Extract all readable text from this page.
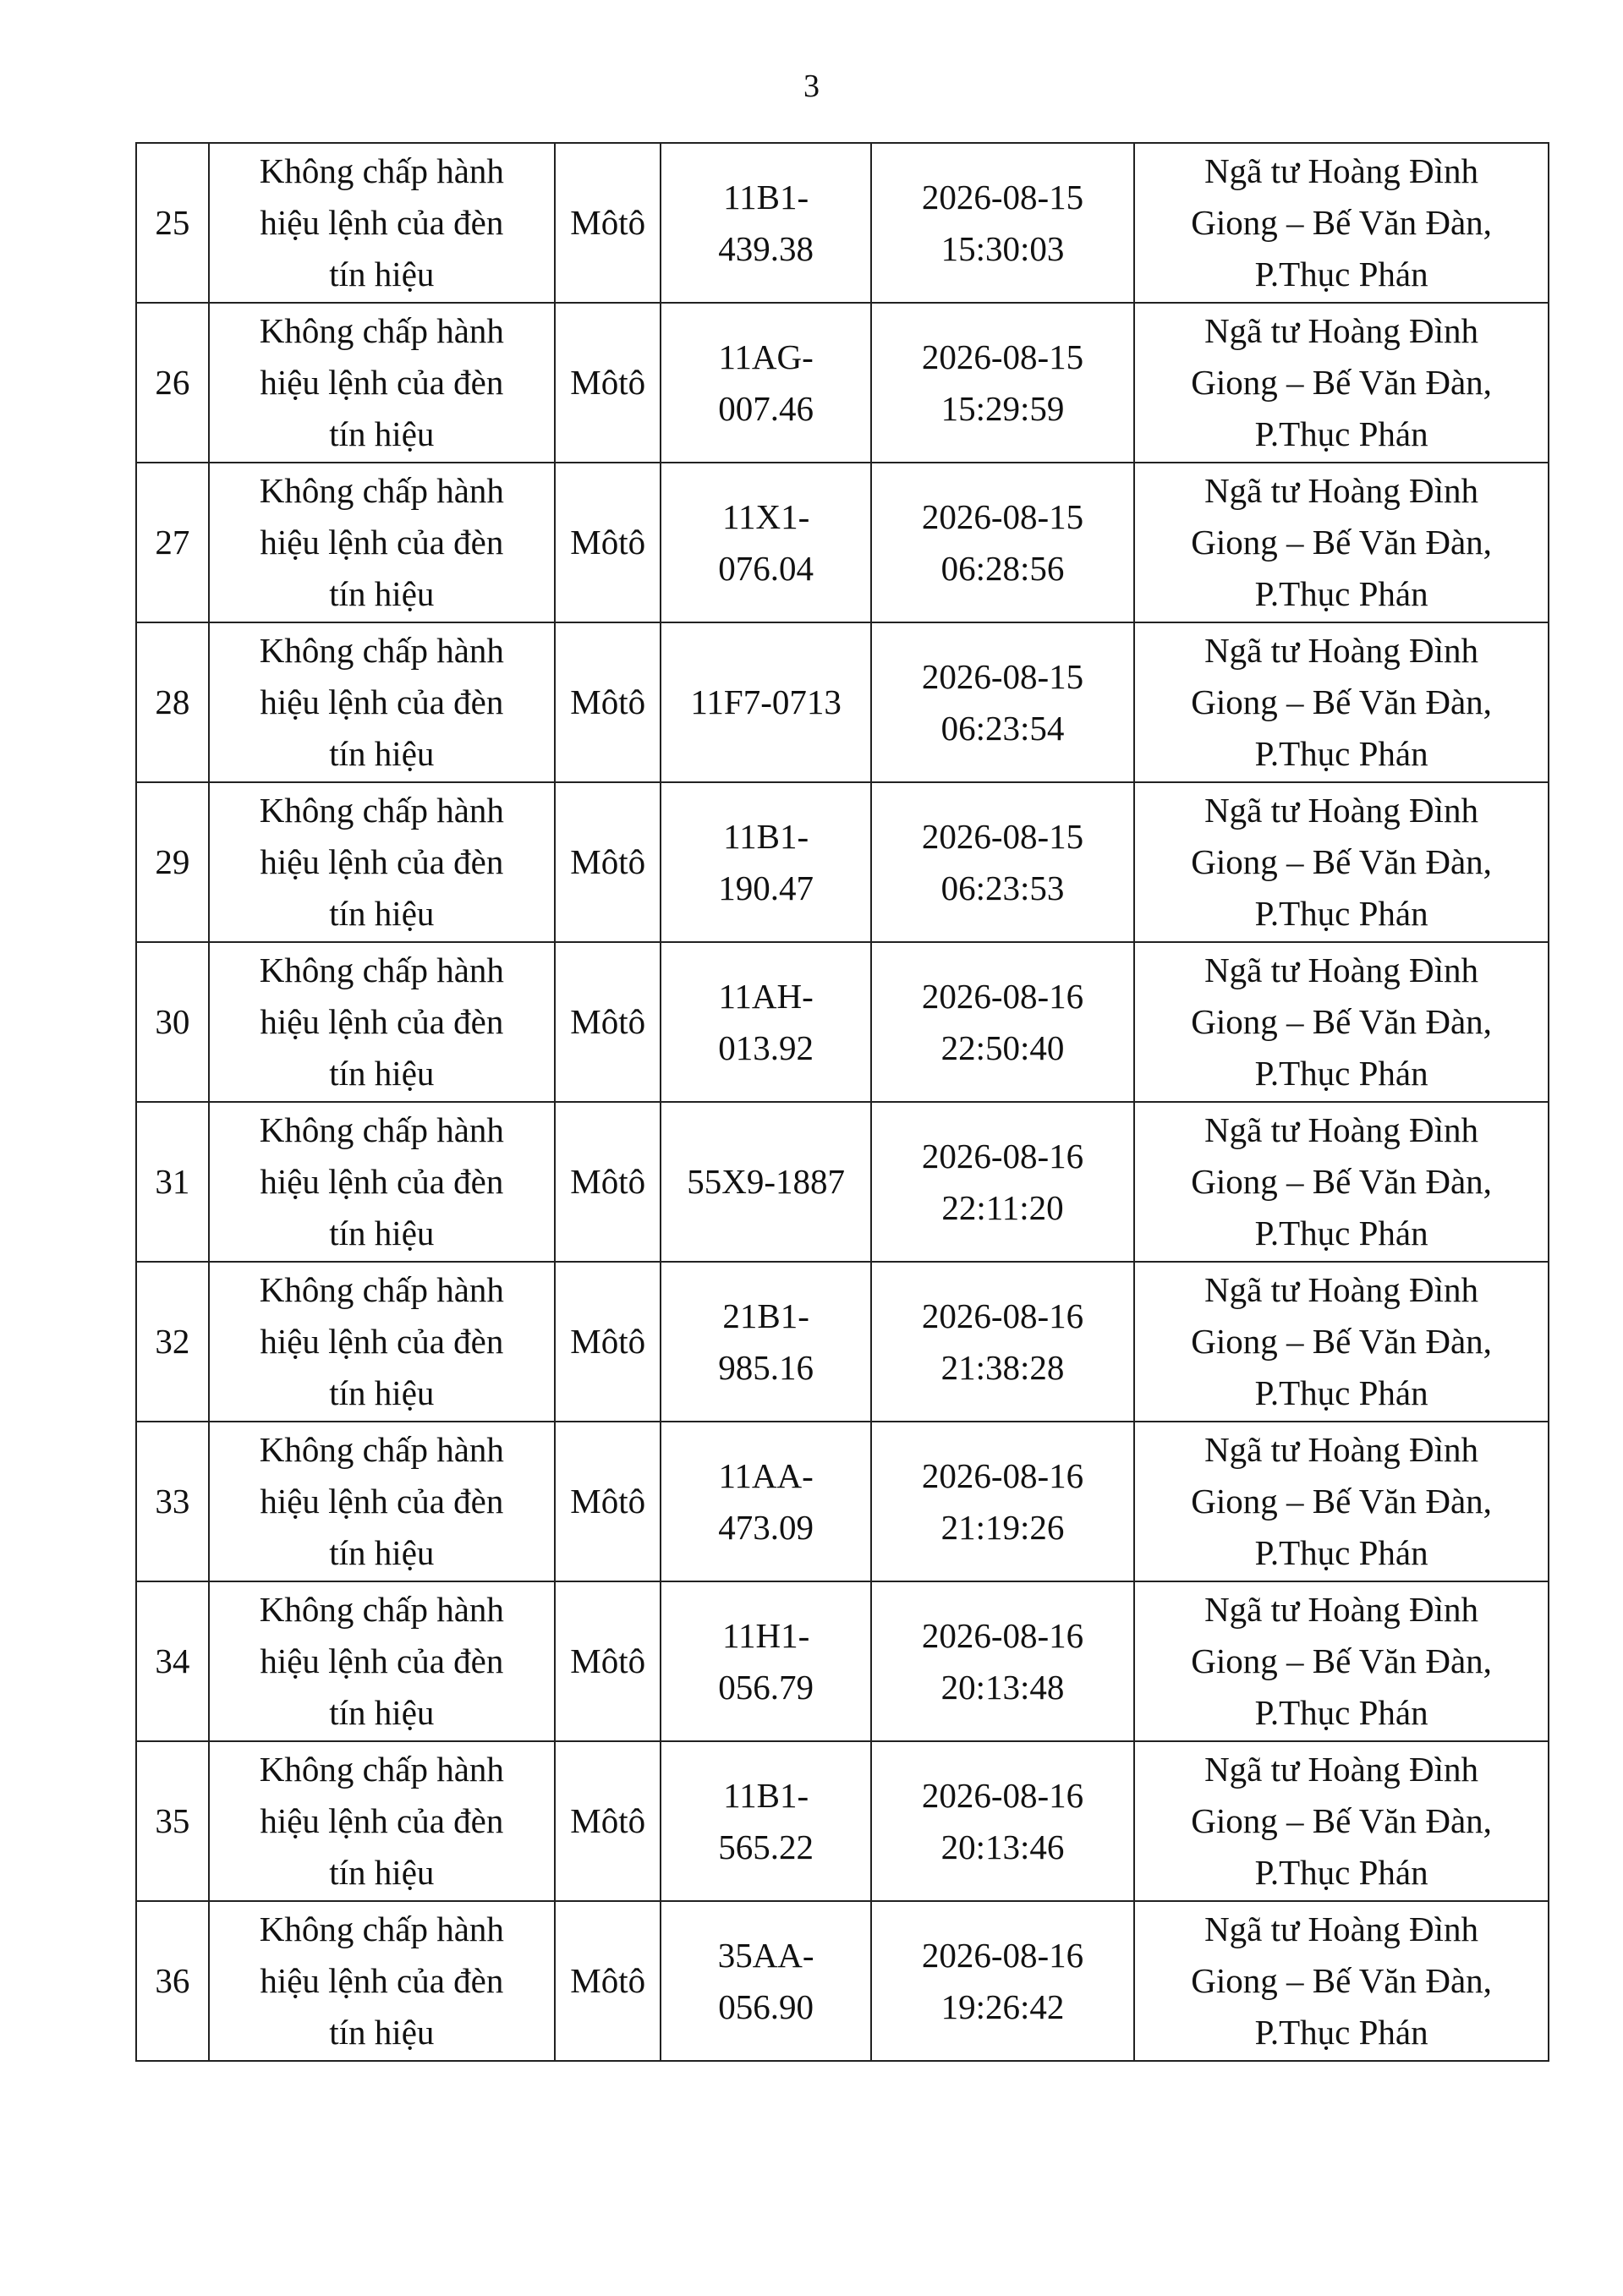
3
25	Không chấp hành
hiệu lệnh của đèn
tín hiệu	Môtô	11B1-
439.38	2026-08-15
15:30:03	Ngã tư Hoàng Đình
Giong – Bế Văn Đàn,
P.Thục Phán
26	Không chấp hành
hiệu lệnh của đèn
tín hiệu	Môtô	11AG-
007.46	2026-08-15
15:29:59	Ngã tư Hoàng Đình
Giong – Bế Văn Đàn,
P.Thục Phán
27	Không chấp hành
hiệu lệnh của đèn
tín hiệu	Môtô	11X1-
076.04	2026-08-15
06:28:56	Ngã tư Hoàng Đình
Giong – Bế Văn Đàn,
P.Thục Phán
28	Không chấp hành
hiệu lệnh của đèn
tín hiệu	Môtô	11F7-0713	2026-08-15
06:23:54	Ngã tư Hoàng Đình
Giong – Bế Văn Đàn,
P.Thục Phán
29	Không chấp hành
hiệu lệnh của đèn
tín hiệu	Môtô	11B1-
190.47	2026-08-15
06:23:53	Ngã tư Hoàng Đình
Giong – Bế Văn Đàn,
P.Thục Phán
30	Không chấp hành
hiệu lệnh của đèn
tín hiệu	Môtô	11AH-
013.92	2026-08-16
22:50:40	Ngã tư Hoàng Đình
Giong – Bế Văn Đàn,
P.Thục Phán
31	Không chấp hành
hiệu lệnh của đèn
tín hiệu	Môtô	55X9-1887	2026-08-16
22:11:20	Ngã tư Hoàng Đình
Giong – Bế Văn Đàn,
P.Thục Phán
32	Không chấp hành
hiệu lệnh của đèn
tín hiệu	Môtô	21B1-
985.16	2026-08-16
21:38:28	Ngã tư Hoàng Đình
Giong – Bế Văn Đàn,
P.Thục Phán
33	Không chấp hành
hiệu lệnh của đèn
tín hiệu	Môtô	11AA-
473.09	2026-08-16
21:19:26	Ngã tư Hoàng Đình
Giong – Bế Văn Đàn,
P.Thục Phán
34	Không chấp hành
hiệu lệnh của đèn
tín hiệu	Môtô	11H1-
056.79	2026-08-16
20:13:48	Ngã tư Hoàng Đình
Giong – Bế Văn Đàn,
P.Thục Phán
35	Không chấp hành
hiệu lệnh của đèn
tín hiệu	Môtô	11B1-
565.22	2026-08-16
20:13:46	Ngã tư Hoàng Đình
Giong – Bế Văn Đàn,
P.Thục Phán
36	Không chấp hành
hiệu lệnh của đèn
tín hiệu	Môtô	35AA-
056.90	2026-08-16
19:26:42	Ngã tư Hoàng Đình
Giong – Bế Văn Đàn,
P.Thục Phán
